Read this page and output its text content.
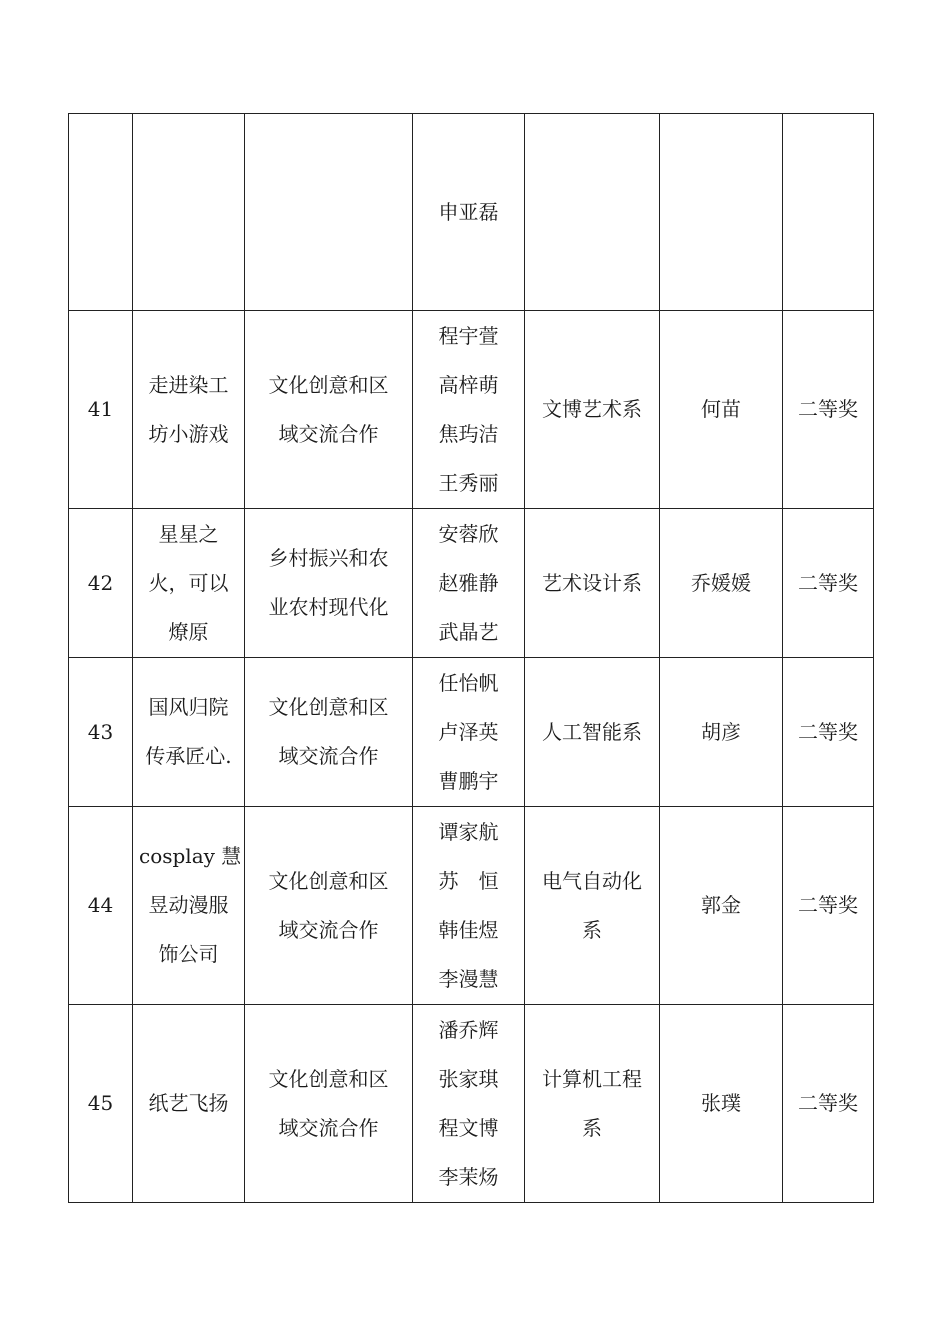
			申亚磊			

41	走进染工
坊小游戏	文化创意和区
域交流合作	程宇萱
高梓萌
焦玙洁
王秀丽	文博艺术系	何苗	二等奖

42	星星之
火，可以
燎原	乡村振兴和农
业农村现代化	安蓉欣
赵雅静
武晶艺	艺术设计系	乔媛媛	二等奖

43	国风归院
传承匠心.	文化创意和区
域交流合作	任怡帆
卢泽英
曹鹏宇	人工智能系	胡彦	二等奖

44	cosplay 慧
昱动漫服
饰公司	文化创意和区
域交流合作	谭家航
苏　恒
韩佳煜
李漫慧	电气自动化
系	郭金	二等奖

45	纸艺飞扬	文化创意和区
域交流合作	潘乔辉
张家琪
程文博
李茉炀	计算机工程
系	张璞	二等奖
